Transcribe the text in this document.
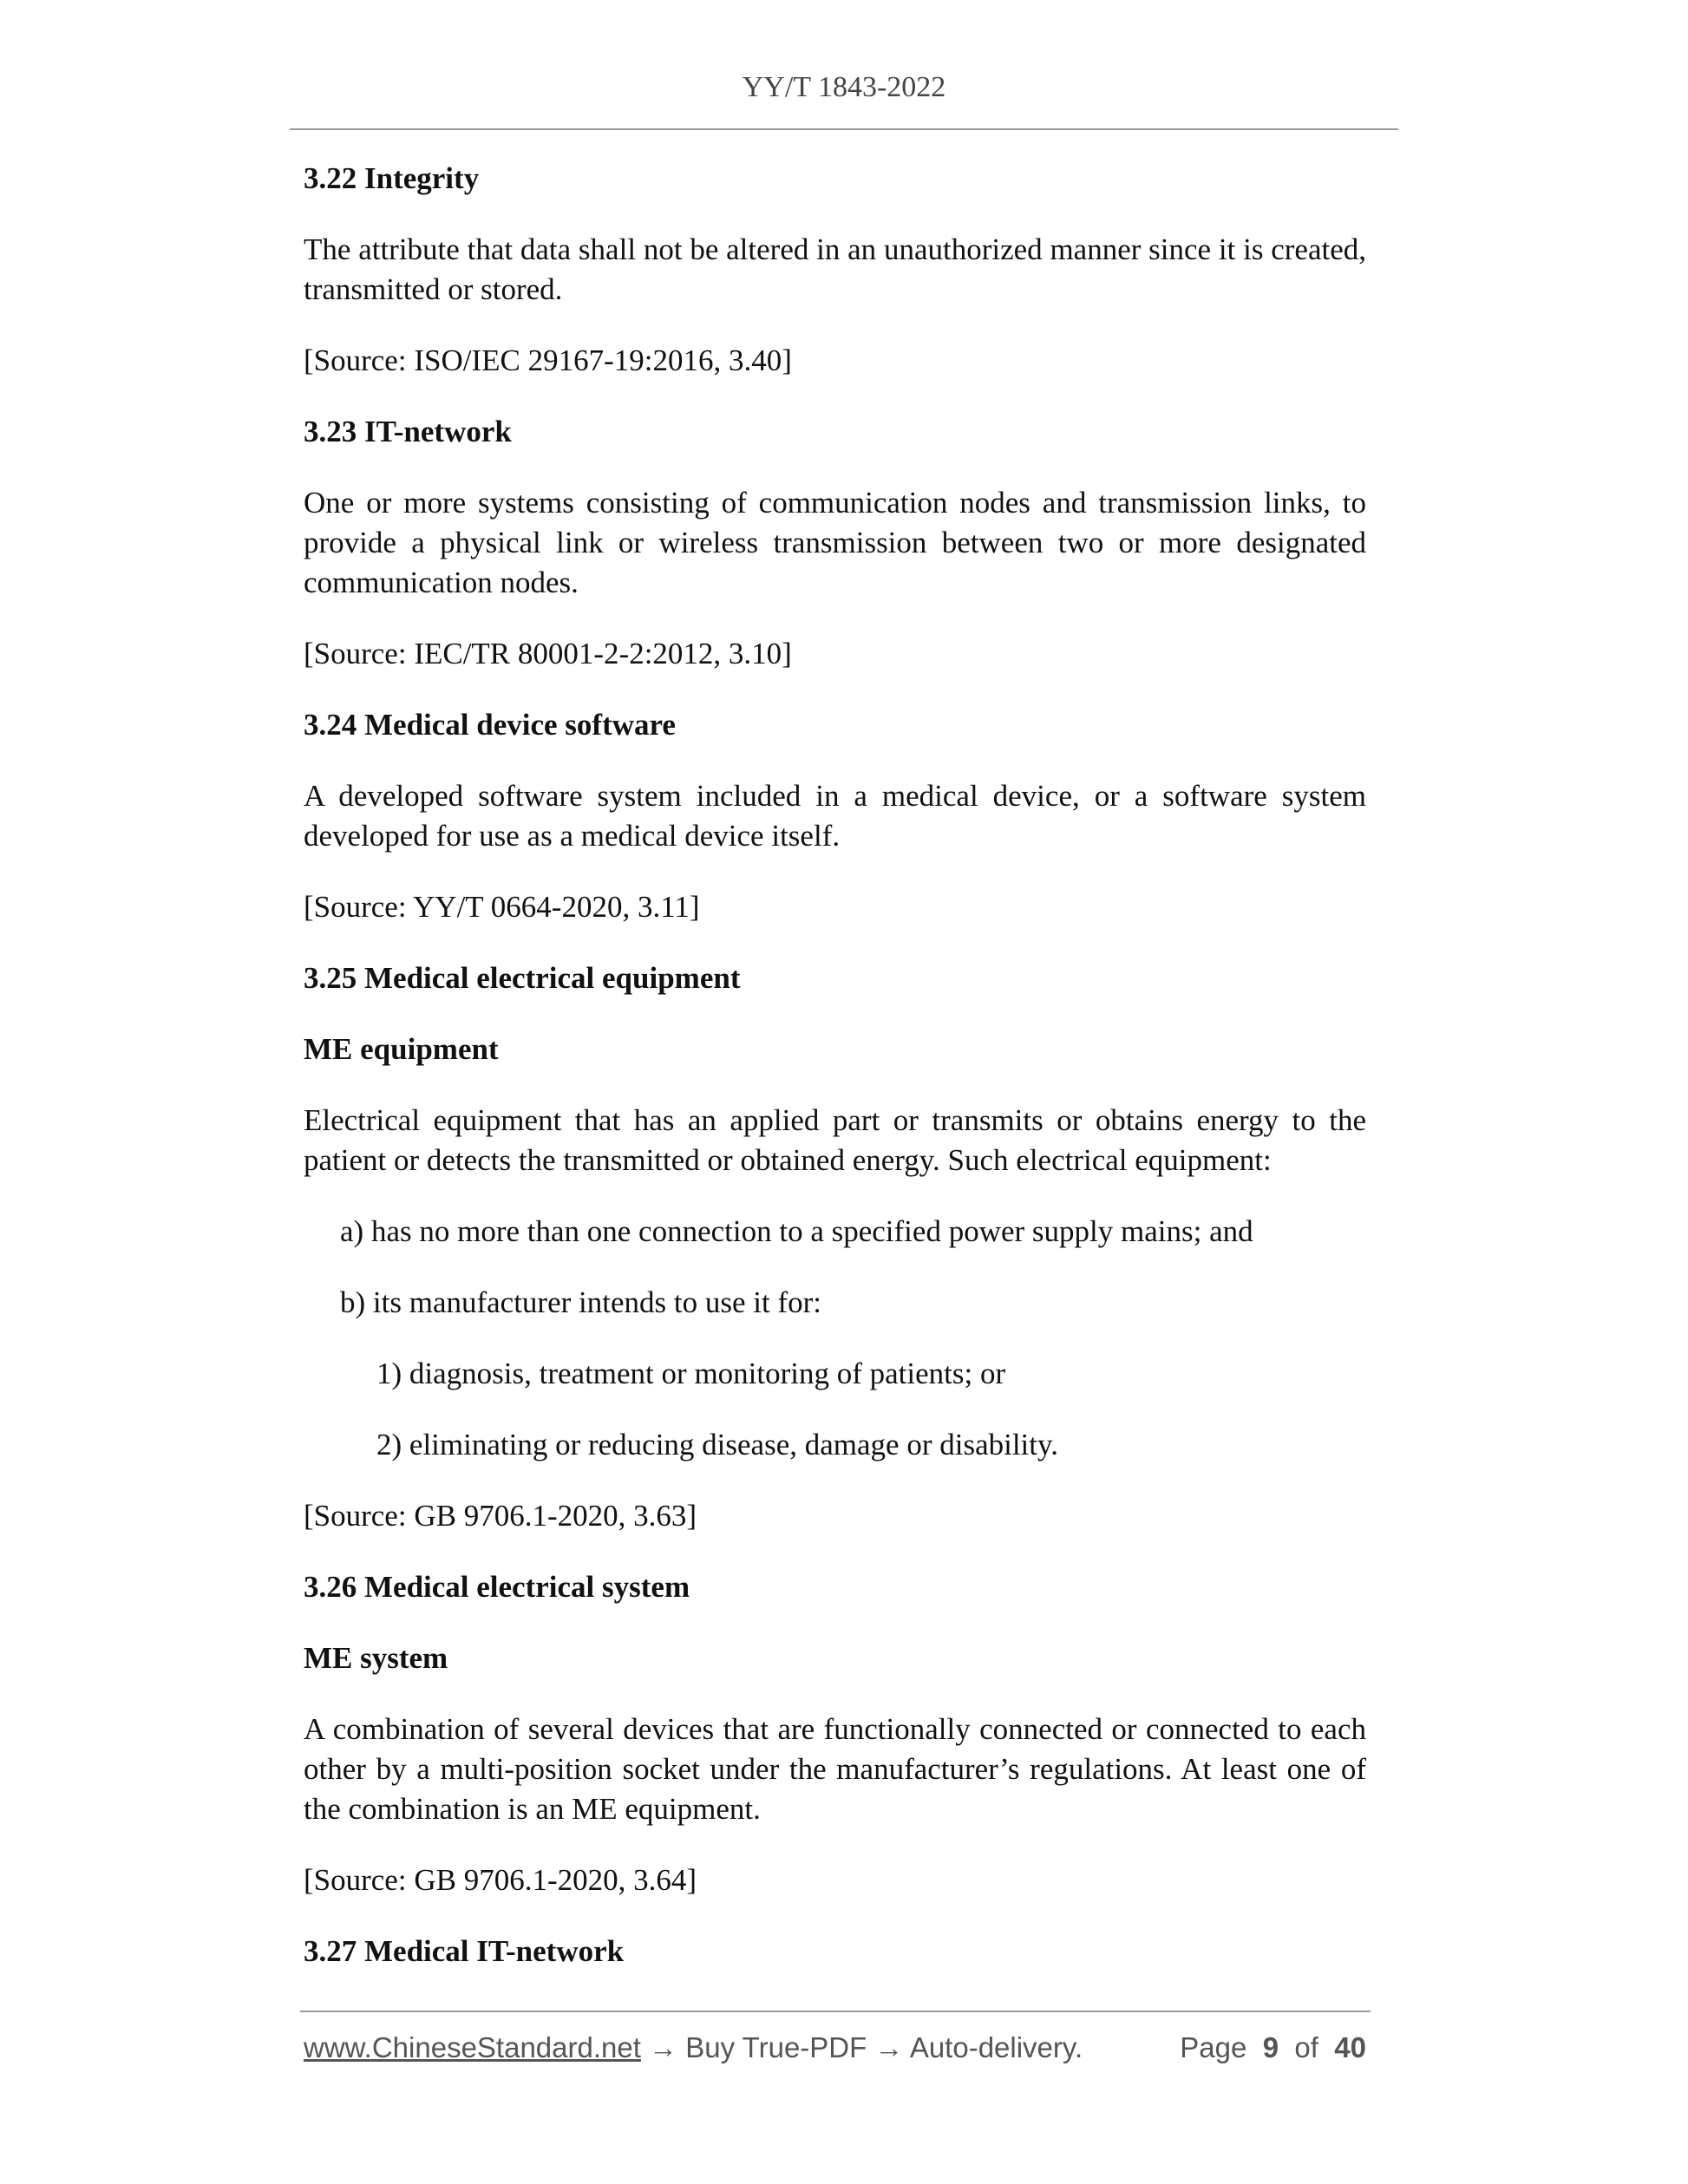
YY/T 1843-2022
3.22 Integrity
The attribute that data shall not be altered in an unauthorized manner since it is created, transmitted or stored.
[Source: ISO/IEC 29167-19:2016, 3.40]
3.23 IT-network
One or more systems consisting of communication nodes and transmission links, to provide a physical link or wireless transmission between two or more designated communication nodes.
[Source: IEC/TR 80001-2-2:2012, 3.10]
3.24 Medical device software
A developed software system included in a medical device, or a software system developed for use as a medical device itself.
[Source: YY/T 0664-2020, 3.11]
3.25 Medical electrical equipment
ME equipment
Electrical equipment that has an applied part or transmits or obtains energy to the patient or detects the transmitted or obtained energy. Such electrical equipment:
a) has no more than one connection to a specified power supply mains; and
b) its manufacturer intends to use it for:
1) diagnosis, treatment or monitoring of patients; or
2) eliminating or reducing disease, damage or disability.
[Source: GB 9706.1-2020, 3.63]
3.26 Medical electrical system
ME system
A combination of several devices that are functionally connected or connected to each other by a multi-position socket under the manufacturer’s regulations. At least one of the combination is an ME equipment.
[Source: GB 9706.1-2020, 3.64]
3.27 Medical IT-network
www.ChineseStandard.net → Buy True-PDF → Auto-delivery.	Page 9 of 40
